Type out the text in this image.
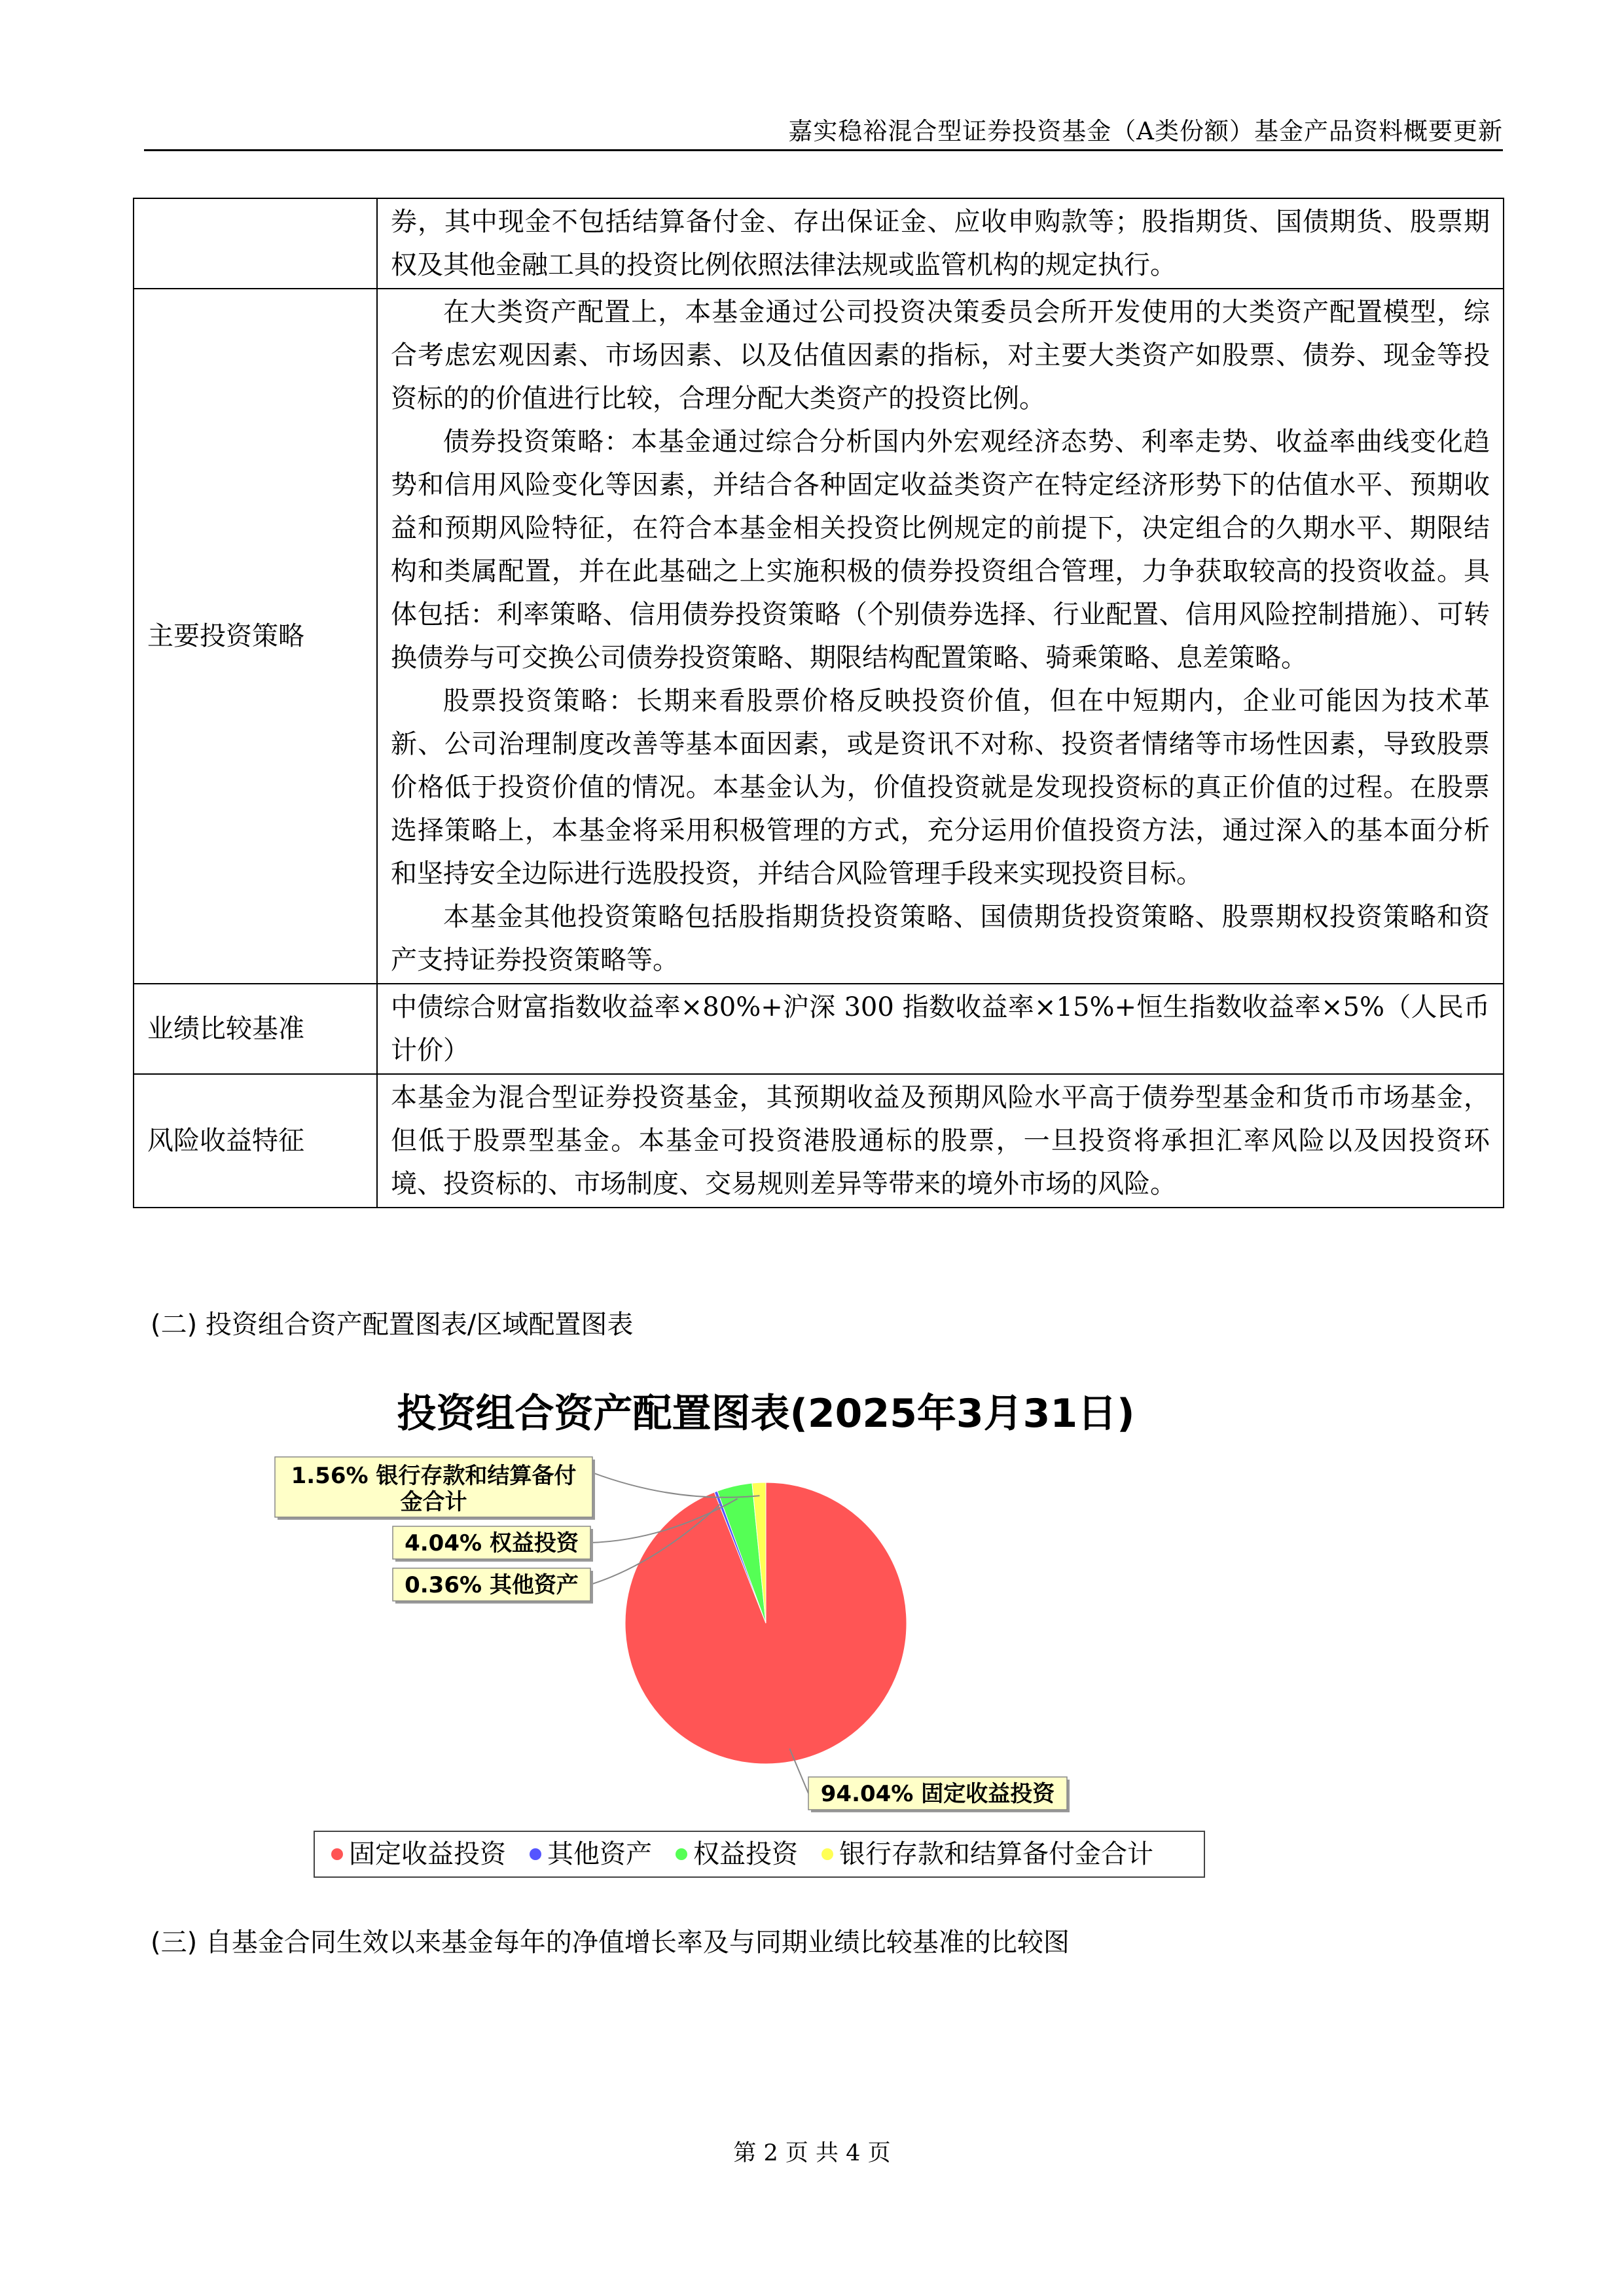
嘉实稳裕混合型证券投资基金（A类份额）基金产品资料概要更新

	券，其中现金不包括结算备付金、存出保证金、应收申购款等；股指期货、国债期货、股票期权及其他金融工具的投资比例依照法律法规或监管机构的规定执行。

主要投资策略	在大类资产配置上，本基金通过公司投资决策委员会所开发使用的大类资产配置模型，综合考虑宏观因素、市场因素、以及估值因素的指标，对主要大类资产如股票、债券、现金等投资标的的价值进行比较，合理分配大类资产的投资比例。

债券投资策略：本基金通过综合分析国内外宏观经济态势、利率走势、收益率曲线变化趋势和信用风险变化等因素，并结合各种固定收益类资产在特定经济形势下的估值水平、预期收益和预期风险特征，在符合本基金相关投资比例规定的前提下，决定组合的久期水平、期限结构和类属配置，并在此基础之上实施积极的债券投资组合管理，力争获取较高的投资收益。具体包括：利率策略、信用债券投资策略（个别债券选择、行业配置、信用风险控制措施）、可转换债券与可交换公司债券投资策略、期限结构配置策略、骑乘策略、息差策略。

股票投资策略：长期来看股票价格反映投资价值，但在中短期内，企业可能因为技术革新、公司治理制度改善等基本面因素，或是资讯不对称、投资者情绪等市场性因素，导致股票价格低于投资价值的情况。本基金认为，价值投资就是发现投资标的真正价值的过程。在股票选择策略上，本基金将采用积极管理的方式，充分运用价值投资方法，通过深入的基本面分析和坚持安全边际进行选股投资，并结合风险管理手段来实现投资目标。

本基金其他投资策略包括股指期货投资策略、国债期货投资策略、股票期权投资策略和资产支持证券投资策略等。

业绩比较基准	中债综合财富指数收益率×80%+沪深 300 指数收益率×15%+恒生指数收益率×5%（人民币计价）

风险收益特征	本基金为混合型证券投资基金，其预期收益及预期风险水平高于债券型基金和货币市场基金，但低于股票型基金。本基金可投资港股通标的股票，一旦投资将承担汇率风险以及因投资环境、投资标的、市场制度、交易规则差异等带来的境外市场的风险。

(二) 投资组合资产配置图表/区域配置图表
投资组合资产配置图表(2025年3月31日)
94.04% 固定收益投资
0.36% 其他资产
4.04% 权益投资
1.56% 银行存款和结算备付
金合计
固定收益投资 其他资产 权益投资 银行存款和结算备付金合计
(三) 自基金合同生效以来基金每年的净值增长率及与同期业绩比较基准的比较图
第 2 页 共 4 页
